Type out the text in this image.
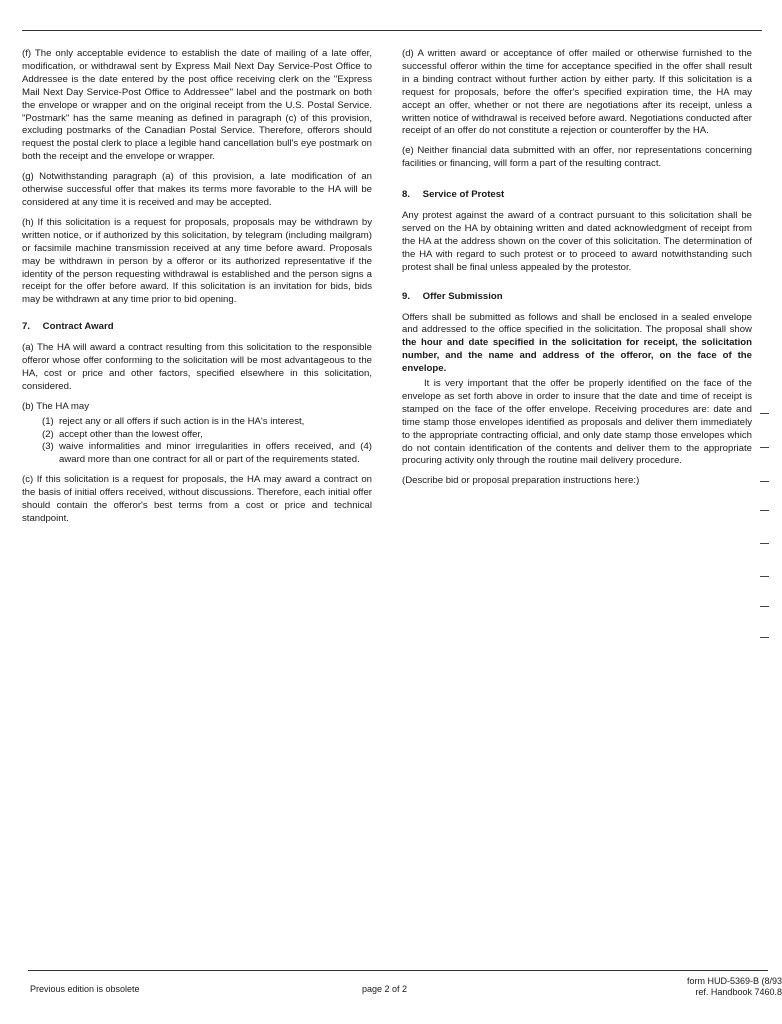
(f) The only acceptable evidence to establish the date of mailing of a late offer, modification, or withdrawal sent by Express Mail Next Day Service-Post Office to Addressee is the date entered by the post office receiving clerk on the "Express Mail Next Day Service-Post Office to Addressee" label and the postmark on both the envelope or wrapper and on the original receipt from the U.S. Postal Service. "Postmark" has the same meaning as defined in paragraph (c) of this provision, excluding postmarks of the Canadian Postal Service. Therefore, offerors should request the postal clerk to place a legible hand cancellation bull's eye postmark on both the receipt and the envelope or wrapper.

(g) Notwithstanding paragraph (a) of this provision, a late modification of an otherwise successful offer that makes its terms more favorable to the HA will be considered at any time it is received and may be accepted.

(h) If this solicitation is a request for proposals, proposals may be withdrawn by written notice, or if authorized by this solicitation, by telegram (including mailgram) or facsimile machine transmission received at any time before award. Proposals may be withdrawn in person by a offeror or its authorized representative if the identity of the person requesting withdrawal is established and the person signs a receipt for the offer before award. If this solicitation is an invitation for bids, bids may be withdrawn at any time prior to bid opening.

7. Contract Award

(a) The HA will award a contract resulting from this solicitation to the responsible offeror whose offer conforming to the solicitation will be most advantageous to the HA, cost or price and other factors, specified elsewhere in this solicitation, considered.

(b) The HA may
(1) reject any or all offers if such action is in the HA's interest,
(2) accept other than the lowest offer,
(3) waive informalities and minor irregularities in offers received, and (4) award more than one contract for all or part of the requirements stated.

(c) If this solicitation is a request for proposals, the HA may award a contract on the basis of initial offers received, without discussions. Therefore, each initial offer should contain the offeror's best terms from a cost or price and technical standpoint.

(d) A written award or acceptance of offer mailed or otherwise furnished to the successful offeror within the time for acceptance specified in the offer shall result in a binding contract without further action by either party. If this solicitation is a request for proposals, before the offer's specified expiration time, the HA may accept an offer, whether or not there are negotiations after its receipt, unless a written notice of withdrawal is received before award. Negotiations conducted after receipt of an offer do not constitute a rejection or counteroffer by the HA.

(e) Neither financial data submitted with an offer, nor representations concerning facilities or financing, will form a part of the resulting contract.

8. Service of Protest

Any protest against the award of a contract pursuant to this solicitation shall be served on the HA by obtaining written and dated acknowledgment of receipt from the HA at the address shown on the cover of this solicitation. The determination of the HA with regard to such protest or to proceed to award notwithstanding such protest shall be final unless appealed by the protestor.

9. Offer Submission

Offers shall be submitted as follows and shall be enclosed in a sealed envelope and addressed to the office specified in the solicitation. The proposal shall show the hour and date specified in the solicitation for receipt, the solicitation number, and the name and address of the offeror, on the face of the envelope.

It is very important that the offer be properly identified on the face of the envelope as set forth above in order to insure that the date and time of receipt is stamped on the face of the offer envelope. Receiving procedures are: date and time stamp those envelopes identified as proposals and deliver them immediately to the appropriate contracting official, and only date stamp those envelopes which do not contain identification of the contents and deliver them to the appropriate procuring activity only through the routine mail delivery procedure.

(Describe bid or proposal preparation instructions here:)

Previous edition is obsolete	page 2 of 2
form HUD-5369-B (8/93
ref. Handbook 7460.8
